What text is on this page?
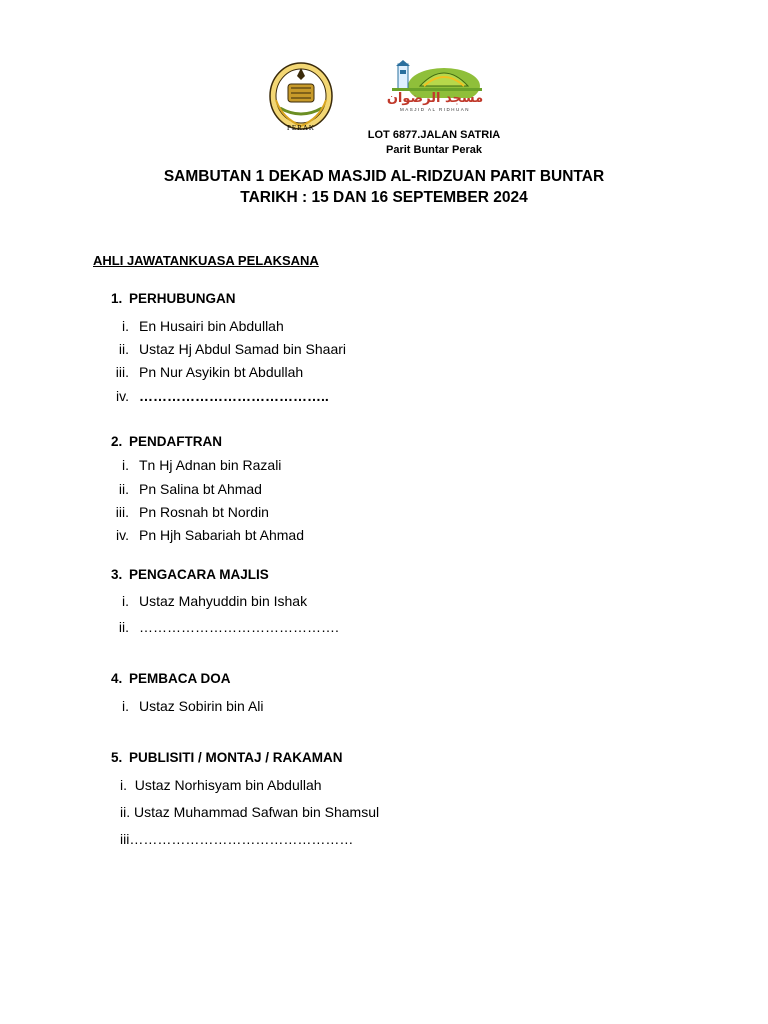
PERAK
مسجد الرضوان
MASJID AL RIDHUAN
LOT 6877.JALAN SATRIA
Parit Buntar Perak
SAMBUTAN 1 DEKAD MASJID AL-RIDZUAN PARIT BUNTAR
TARIKH : 15 DAN 16 SEPTEMBER 2024
AHLI JAWATANKUASA PELAKSANA
1. PERHUBUNGAN
i. En Husairi bin Abdullah
ii. Ustaz Hj Abdul Samad bin Shaari
iii. Pn Nur Asyikin bt Abdullah
iv. …………………………………..
2. PENDAFTRAN
i. Tn Hj Adnan bin Razali
ii. Pn Salina bt Ahmad
iii. Pn Rosnah bt Nordin
iv. Pn Hjh Sabariah bt Ahmad
3. PENGACARA MAJLIS
i. Ustaz Mahyuddin bin Ishak
ii. …………………………………….
4. PEMBACA DOA
i. Ustaz Sobirin bin Ali
5. PUBLISITI / MONTAJ / RAKAMAN
i.  Ustaz Norhisyam bin Abdullah
ii. Ustaz Muhammad Safwan bin Shamsul
iii…………………………………………
